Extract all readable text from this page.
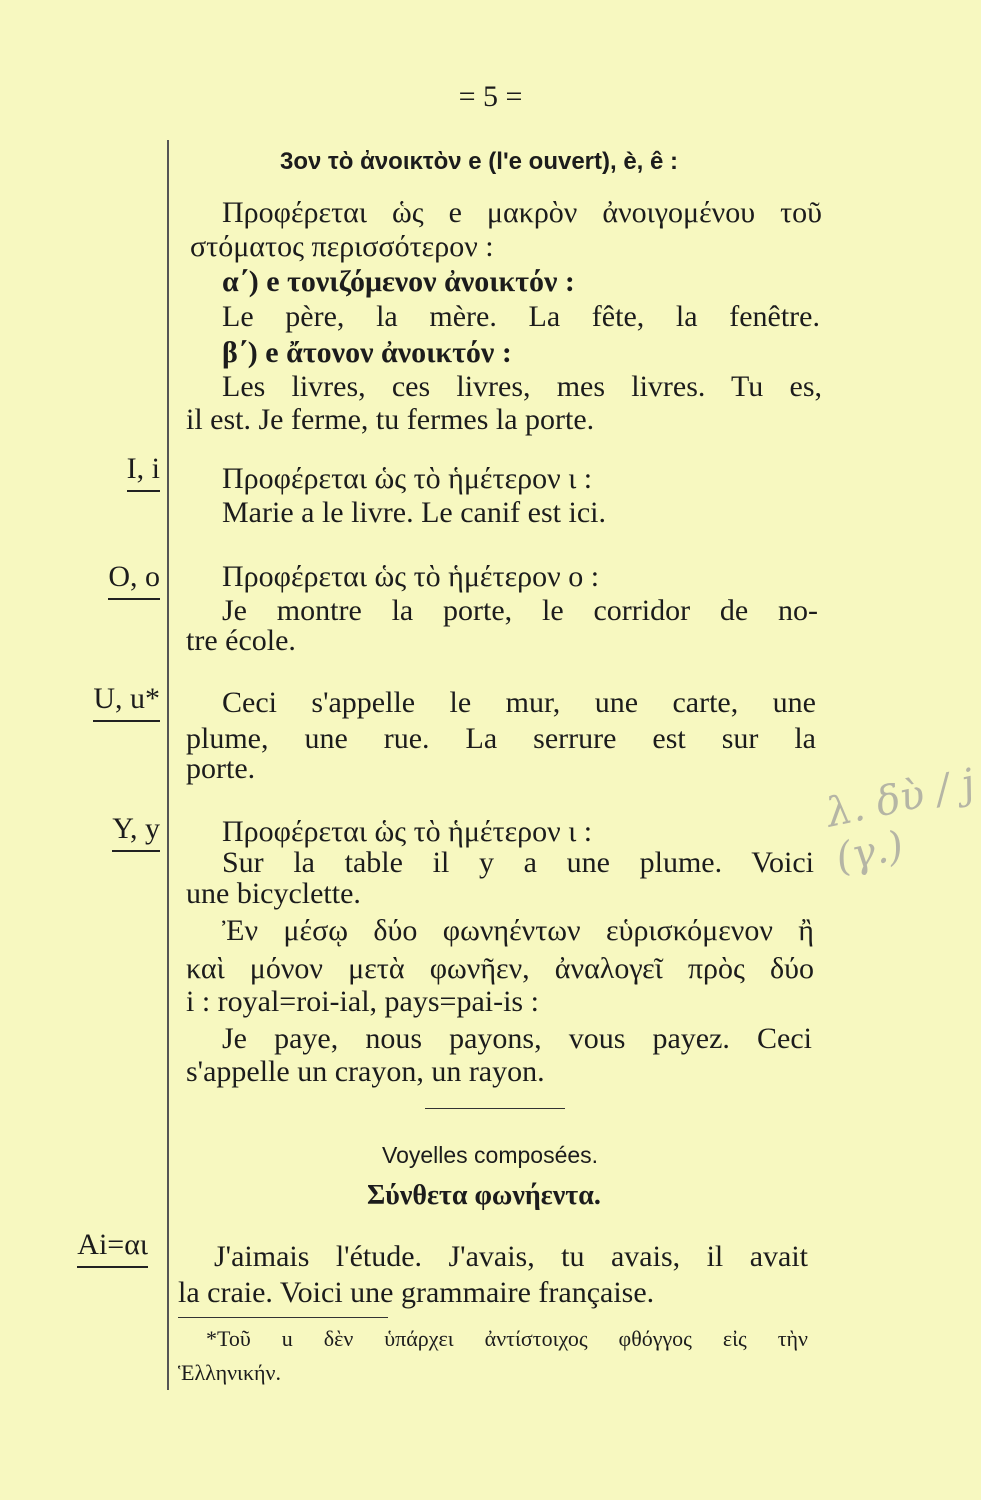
= 5 =
3ον τὸ ἀνοικτὸν e (l'e ouvert), è, ê :
Προφέρεται ὡς e μακρὸν ἀνοιγομένου τοῦ
στόματος περισσότερον :
α΄) e τονιζόμενον ἀνοικτόν :
Le père, la mère. La fête, la fenêtre.
β΄) e ἄτονον ἀνοικτόν :
Les livres, ces livres, mes livres. Tu es,
il est. Je ferme, tu fermes la porte.
I, i Προφέρεται ὡς τὸ ἡμέτερον ι :
Marie a le livre. Le canif est ici.
O, o Προφέρεται ὡς τὸ ἡμέτερον ο :
Je montre la porte, le corridor de no-
tre école.
U, u* Ceci s'appelle le mur, une carte, une
plume, une rue. La serrure est sur la
porte.
Y, y Προφέρεται ὡς τὸ ἡμέτερον ι :
Sur la table il y a une plume. Voici
une bicyclette.
Ἐν μέσῳ δύο φωνηέντων εὑρισκόμενον ἢ
καὶ μόνον μετὰ φωνῆεν, ἀναλογεῖ πρὸς δύο
i : royal=roi-ial, pays=pai-is :
Je paye, nous payons, vous payez. Ceci
s'appelle un crayon, un rayon.
λ. δὺ / j (γ.)
Voyelles composées.
Σύνθετα φωνήεντα.
Ai=αι J'aimais l'étude. J'avais, tu avais, il avait
la craie. Voici une grammaire française.
*Τοῦ u δὲν ὑπάρχει ἀντίστοιχος φθόγγος εἰς τὴν
Ἑλληνικήν.
